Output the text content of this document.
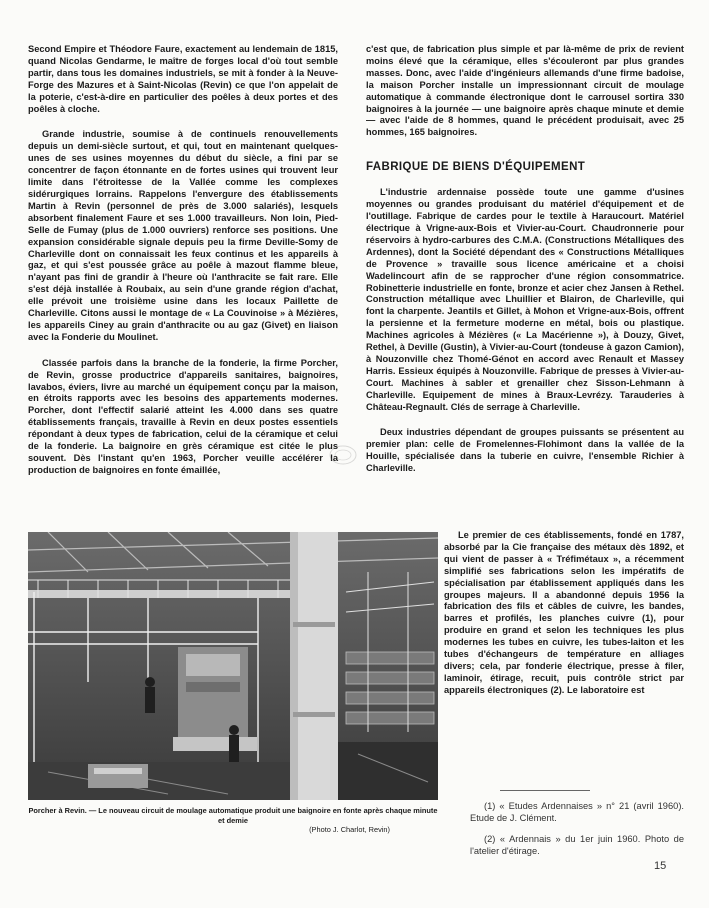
Second Empire et Théodore Faure, exactement au lendemain de 1815, quand Nicolas Gendarme, le maître de forges local d'où tout semble partir, dans tous les domaines industriels, se mit à fonder à la Neuve-Forge des Mazures et à Saint-Nicolas (Revin) ce que l'on appelait de la poterie, c'est-à-dire en particulier des poêles à deux portes et des poêles à cloche.

Grande industrie, soumise à de continuels renouvellements depuis un demi-siècle surtout, et qui, tout en maintenant quelques-unes de ses usines moyennes du début du siècle, a fini par se concentrer de façon étonnante en de fortes usines qui trouvent leur limite dans l'étroitesse de la Vallée comme les complexes sidérurgiques lorrains. Rappelons l'envergure des établissements Martin à Revin (personnel de près de 3.000 salariés), lesquels absorbent finalement Faure et ses 1.000 travailleurs. Non loin, Pied-Selle de Fumay (plus de 1.000 ouvriers) renforce ses positions. Une expansion considérable signale depuis peu la firme Deville-Somy de Charleville dont on connaissait les feux continus et les appareils à gaz, et qui s'est poussée grâce au poêle à mazout flamme bleue, n'ayant pas fini de grandir à l'heure où l'anthracite se fait rare. Elle s'est déjà installée à Roubaix, au sein d'une grande région d'achat, elle prévoit une troisième usine dans les locaux Paillette de Charleville. Citons aussi le montage de « La Couvinoise » à Mézières, les appareils Ciney au grain d'anthracite ou au gaz (Givet) en liaison avec la Fonderie du Moulinet.

Classée parfois dans la branche de la fonderie, la firme Porcher, de Revin, grosse productrice d'appareils sanitaires, baignoires, lavabos, éviers, livre au marché un équipement conçu par la maison, en étroits rapports avec les besoins des appartements modernes. Porcher, dont l'effectif salarié atteint les 4.000 dans ses quatre établissements français, travaille à Revin en deux postes essentiels répondant à deux types de fabrication, celui de la céramique et celui de la fonderie. La baignoire en grès céramique est citée le plus souvent. Dès l'instant qu'en 1963, Porcher veuille accélérer la production de baignoires en fonte émaillée,

c'est que, de fabrication plus simple et par là-même de prix de revient moins élevé que la céramique, elles s'écouleront par plus grandes masses. Donc, avec l'aide d'ingénieurs allemands d'une firme badoise, la maison Porcher installe un impressionnant circuit de moulage automatique à commande électronique dont le carrousel sortira 330 baignoires à la journée — une baignoire après chaque minute et demie — avec l'aide de 8 hommes, quand le précédent produisait, avec 25 hommes, 165 baignoires.

FABRIQUE DE BIENS D'ÉQUIPEMENT

L'industrie ardennaise possède toute une gamme d'usines moyennes ou grandes produisant du matériel d'équipement et de l'outillage. Fabrique de cardes pour le textile à Haraucourt. Matériel électrique à Vrigne-aux-Bois et Vivier-au-Court. Chaudronnerie pour réservoirs à hydro-carbures des C.M.A. (Constructions Métalliques des Ardennes), dont la Société dépendant des « Constructions Métalliques de Provence » travaille sous licence américaine et a choisi Wadelincourt afin de se rapprocher d'une région consommatrice. Robinetterie industrielle en fonte, bronze et acier chez Jansen à Rethel. Construction métallique avec Lhuillier et Blairon, de Charleville, qui font la charpente. Jeantils et Gillet, à Mohon et Vrigne-aux-Bois, offrent la persienne et la fermeture moderne en métal, bois ou plastique. Machines agricoles à Mézières (« La Macérienne »), à Douzy, Givet, Rethel, à Deville (Gustin), à Vivier-au-Court (tondeuse à gazon Camion), à Nouzonville chez Thomé-Génot en accord avec Renault et Massey Harris. Essieux équipés à Nouzonville. Fabrique de presses à Vivier-au-Court. Machines à sabler et grenailler chez Sisson-Lehmann à Charleville. Equipement de mines à Braux-Levrézy. Tarauderies à Château-Regnault. Clés de serrage à Charleville.

Deux industries dépendant de groupes puissants se présentent au premier plan: celle de Fromelennes-Flohimont dans la vallée de la Houille, spécialisée dans la tuberie en cuivre, l'ensemble Richier à Charleville.

Porcher à Revin. — Le nouveau circuit de moulage automatique produit une baignoire en fonte après chaque minute et demie
(Photo J. Charlot, Revin)

Le premier de ces établissements, fondé en 1787, absorbé par la Cie française des métaux dès 1892, et qui vient de passer à « Tréfimétaux », a récemment simplifié ses fabrications selon les impératifs de spécialisation par établissement appliqués dans les groupes majeurs. Il a abandonné depuis 1956 la fabrication des fils et câbles de cuivre, les bandes, barres et profilés, les planches cuivre (1), pour produire en grand et selon les techniques les plus modernes les tubes en cuivre, les tubes-laiton et les tubes d'échangeurs de température en alliages divers; cela, par fonderie électrique, presse à filer, laminoir, étirage, recuit, puis contrôle strict par appareils électroniques (2). Le laboratoire est

(1) « Etudes Ardennaises » n° 21 (avril 1960). Etude de J. Clément.

(2) « Ardennais » du 1er juin 1960. Photo de l'atelier d'étirage.

15
